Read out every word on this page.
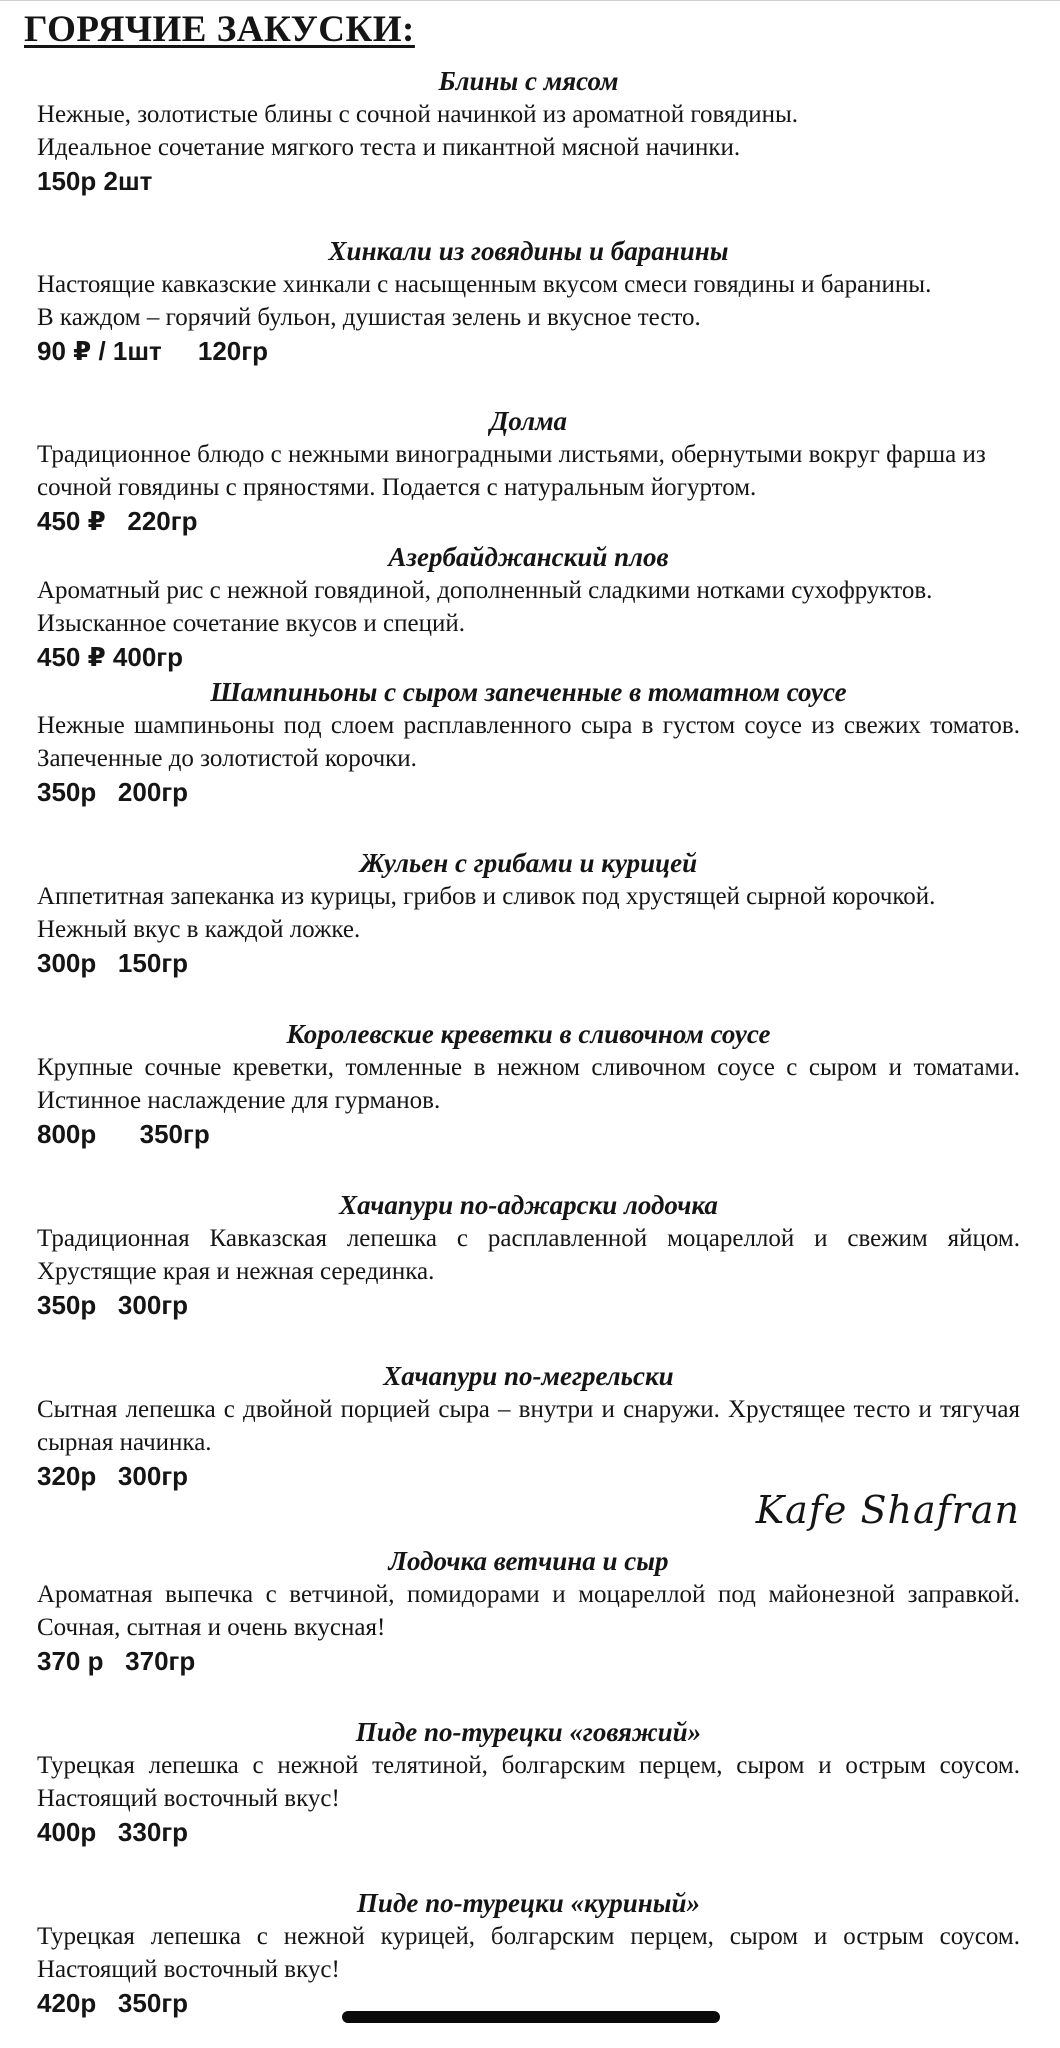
ГОРЯЧИЕ ЗАКУСКИ:
Блины с мясом
Нежные, золотистые блины с сочной начинкой из ароматной говядины.
Идеальное сочетание мягкого теста и пикантной мясной начинки.
150р 2шт
Хинкали из говядины и баранины
Настоящие кавказские хинкали с насыщенным вкусом смеси говядины и баранины.
В каждом – горячий бульон, душистая зелень и вкусное тесто.
90 ₽ / 1шт     120гр
Долма
Традиционное блюдо с нежными виноградными листьями, обернутыми вокруг фарша из сочной говядины с пряностями. Подается с натуральным йогуртом.
450 ₽   220гр
Азербайджанский плов
Ароматный рис с нежной говядиной, дополненный сладкими нотками сухофруктов. Изысканное сочетание вкусов и специй.
450 ₽ 400гр
Шампиньоны с сыром запеченные в томатном соусе
Нежные шампиньоны под слоем расплавленного сыра в густом соусе из свежих томатов. Запеченные до золотистой корочки.
350р   200гр
Жульен с грибами и курицей
Аппетитная запеканка из курицы, грибов и сливок под хрустящей сырной корочкой. Нежный вкус в каждой ложке.
300р   150гр
Королевские креветки в сливочном соусе
Крупные сочные креветки, томленные в нежном сливочном соусе с сыром и томатами. Истинное наслаждение для гурманов.
800р      350гр
Хачапури по-аджарски лодочка
Традиционная Кавказская лепешка с расплавленной моцареллой и свежим яйцом. Хрустящие края и нежная серединка.
350р   300гр
Хачапури по-мегрельски
Сытная лепешка с двойной порцией сыра – внутри и снаружи. Хрустящее тесто и тягучая сырная начинка.
320р   300гр
Kafe Shafran
Лодочка ветчина и сыр
Ароматная выпечка с ветчиной, помидорами и моцареллой под майонезной заправкой. Сочная, сытная и очень вкусная!
370 р   370гр
Пиде по-турецки «говяжий»
Турецкая лепешка с нежной телятиной, болгарским перцем, сыром и острым соусом. Настоящий восточный вкус!
400р   330гр
Пиде по-турецки «куриный»
Турецкая лепешка с нежной курицей, болгарским перцем, сыром и острым соусом. Настоящий восточный вкус!
420р   350гр
